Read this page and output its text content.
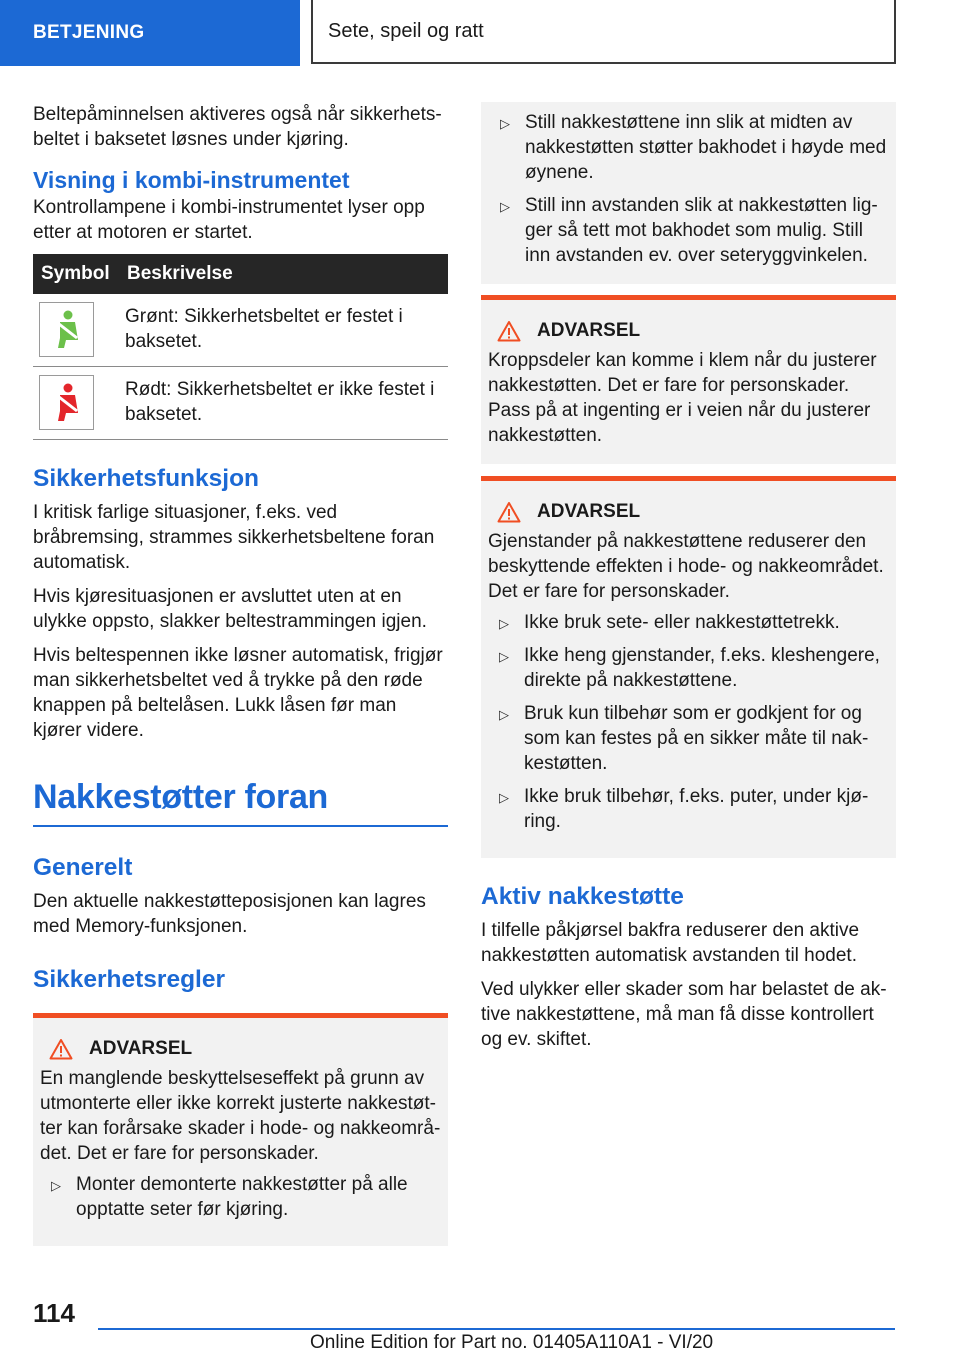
BETJENING	Sete, speil og ratt

Beltepåminnelsen aktiveres også når sikkerhetsbeltet i baksetet løsnes under kjøring.

Visning i kombi-instrumentet

Kontrollampene i kombi-instrumentet lyser opp etter at motoren er startet.

Symbol	Beskrivelse

	Grønt: Sikkerhetsbeltet er festet i baksetet.

	Rødt: Sikkerhetsbeltet er ikke festet i baksetet.
Sikkerhetsfunksjon

I kritisk farlige situasjoner, f.eks. ved bråbremsing, strammes sikkerhetsbeltene foran automatisk.

Hvis kjøresituasjonen er avsluttet uten at en ulykke oppsto, slakker beltestrammingen igjen.

Hvis beltespennen ikke løsner automatisk, frigjør man sikkerhetsbeltet ved å trykke på den røde knappen på beltelåsen. Lukk låsen før man kjører videre.

Nakkestøtter foran
Generelt

Den aktuelle nakkestøtteposisjonen kan lagres med Memory-funksjonen.

Sikkerhetsregler
ADVARSEL

En manglende beskyttelseseffekt på grunn av utmonterte eller ikke korrekt justerte nakkestøtter kan forårsake skader i hode- og nakkeområdet. Det er fare for personskader.

▷ Monter demonterte nakkestøtter på alle opptatte seter før kjøring.
▷ Still nakkestøttene inn slik at midten av nakkestøtten støtter bakhodet i høyde med øynene.
▷ Still inn avstanden slik at nakkestøtten ligger så tett mot bakhodet som mulig. Still inn avstanden ev. over seteryggvinkelen.
ADVARSEL

Kroppsdeler kan komme i klem når du justerer nakkestøtten. Det er fare for personskader. Pass på at ingenting er i veien når du justerer nakkestøtten.

ADVARSEL

Gjenstander på nakkestøttene reduserer den beskyttende effekten i hode- og nakkeområdet. Det er fare for personskader.

▷ Ikke bruk sete- eller nakkestøttetrekk.
▷ Ikke heng gjenstander, f.eks. kleshengere, direkte på nakkestøttene.
▷ Bruk kun tilbehør som er godkjent for og som kan festes på en sikker måte til nakkestøtten.
▷ Ikke bruk tilbehør, f.eks. puter, under kjøring.
Aktiv nakkestøtte

I tilfelle påkjørsel bakfra reduserer den aktive nakkestøtten automatisk avstanden til hodet.

Ved ulykker eller skader som har belastet de aktive nakkestøttene, må man få disse kontrollert og ev. skiftet.

114
Online Edition for Part no. 01405A110A1 - VI/20
